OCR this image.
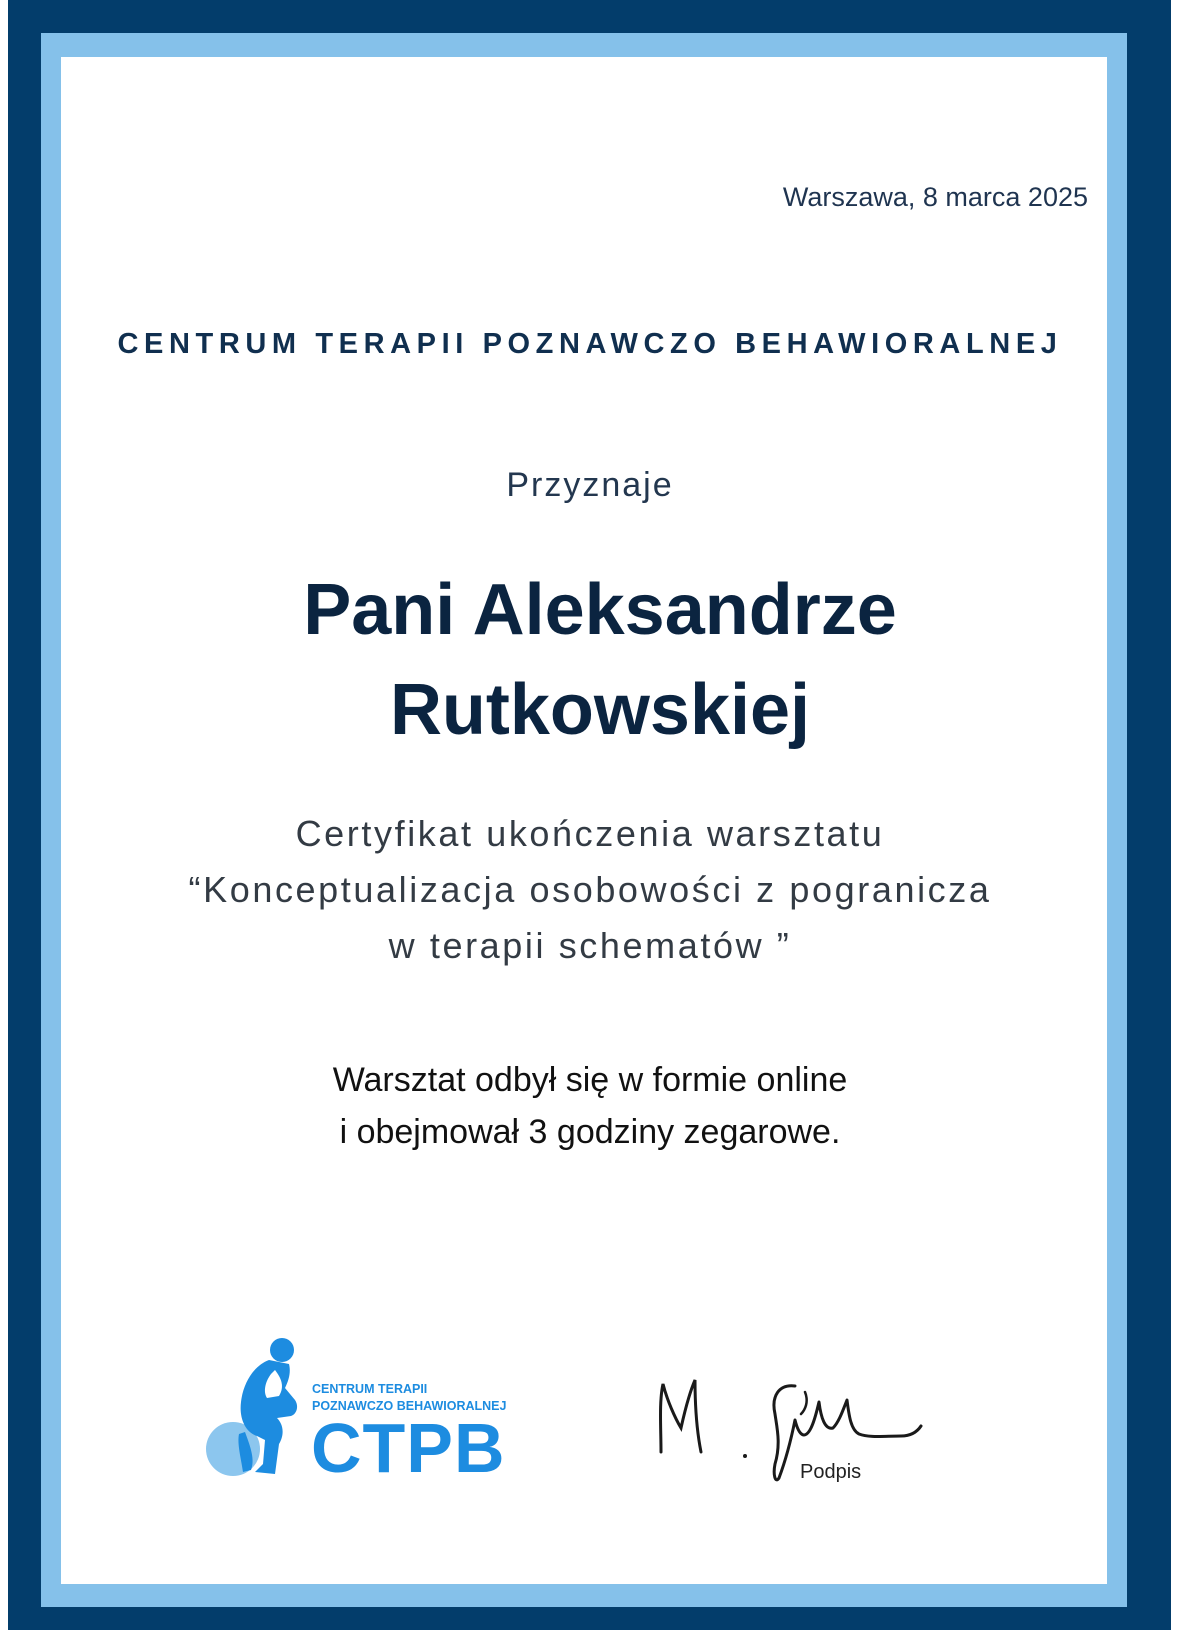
Warszawa, 8 marca 2025

CENTRUM TERAPII POZNAWCZO BEHAWIORALNEJ

Przyznaje

Pani Aleksandrze
Rutkowskiej
Certyfikat ukończenia warsztatu
“Konceptualizacja osobowości z pogranicza
w terapii schematów ”
Warsztat odbył się w formie online
i obejmował 3 godziny zegarowe.
CENTRUM TERAPII
POZNAWCZO BEHAWIORALNEJ
CTPB	Podpis
